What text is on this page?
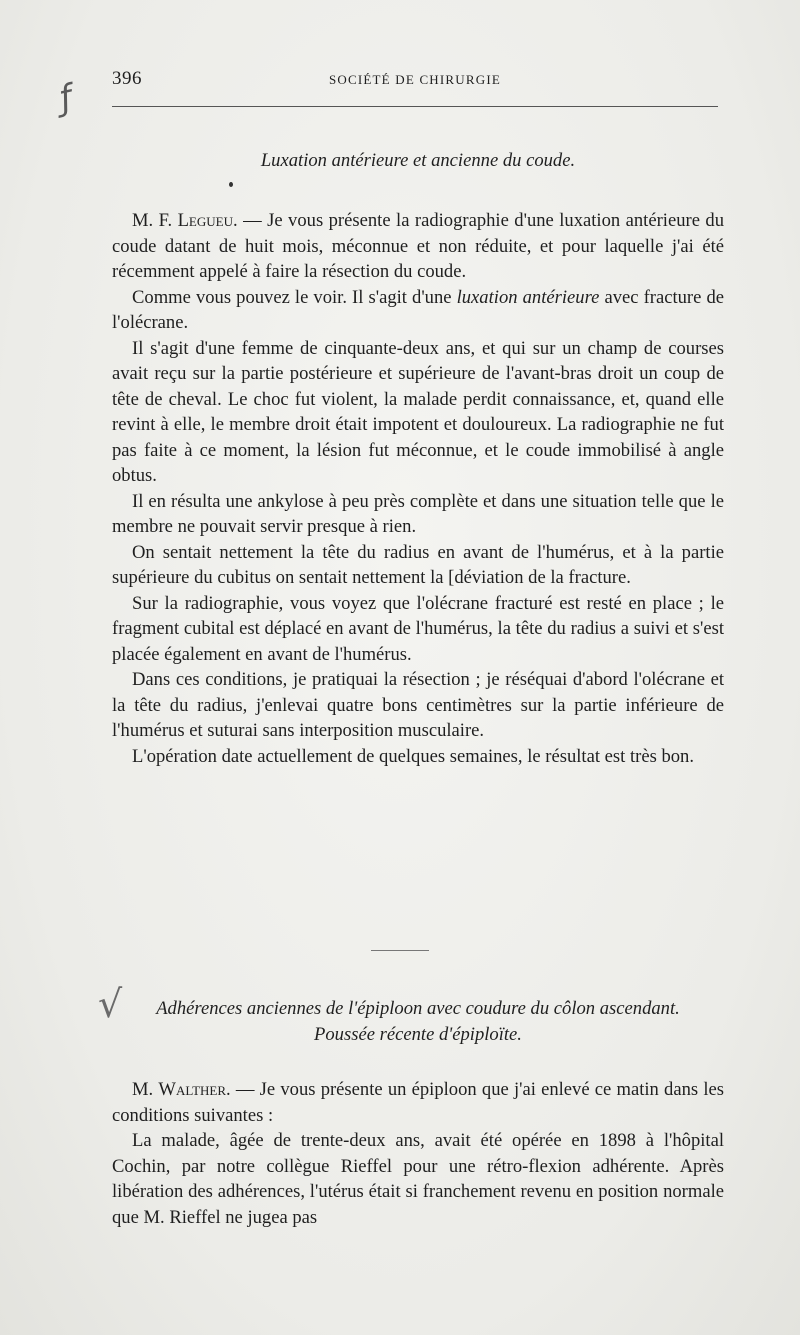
ƒ
√
396	SOCIÉTÉ DE CHIRURGIE
Luxation antérieure et ancienne du coude.

M. F. Legueu. — Je vous présente la radiographie d'une luxation antérieure du coude datant de huit mois, méconnue et non réduite, et pour laquelle j'ai été récemment appelé à faire la résection du coude.

Comme vous pouvez le voir. Il s'agit d'une luxation antérieure avec fracture de l'olécrane.

Il s'agit d'une femme de cinquante-deux ans, et qui sur un champ de courses avait reçu sur la partie postérieure et supérieure de l'avant-bras droit un coup de tête de cheval. Le choc fut violent, la malade perdit connaissance, et, quand elle revint à elle, le membre droit était impotent et douloureux. La radiographie ne fut pas faite à ce moment, la lésion fut méconnue, et le coude immobilisé à angle obtus.

Il en résulta une ankylose à peu près complète et dans une situation telle que le membre ne pouvait servir presque à rien.

On sentait nettement la tête du radius en avant de l'humérus, et à la partie supérieure du cubitus on sentait nettement la [déviation de la fracture.

Sur la radiographie, vous voyez que l'olécrane fracturé est resté en place ; le fragment cubital est déplacé en avant de l'humérus, la tête du radius a suivi et s'est placée également en avant de l'humérus.

Dans ces conditions, je pratiquai la résection ; je réséquai d'abord l'olécrane et la tête du radius, j'enlevai quatre bons centimètres sur la partie inférieure de l'humérus et suturai sans interposition musculaire.

L'opération date actuellement de quelques semaines, le résultat est très bon.

Adhérences anciennes de l'épiploon avec coudure du côlon ascendant.
Poussée récente d'épiploïte.

M. Walther. — Je vous présente un épiploon que j'ai enlevé ce matin dans les conditions suivantes :

La malade, âgée de trente-deux ans, avait été opérée en 1898 à l'hôpital Cochin, par notre collègue Rieffel pour une rétro-flexion adhérente. Après libération des adhérences, l'utérus était si franchement revenu en position normale que M. Rieffel ne jugea pas
